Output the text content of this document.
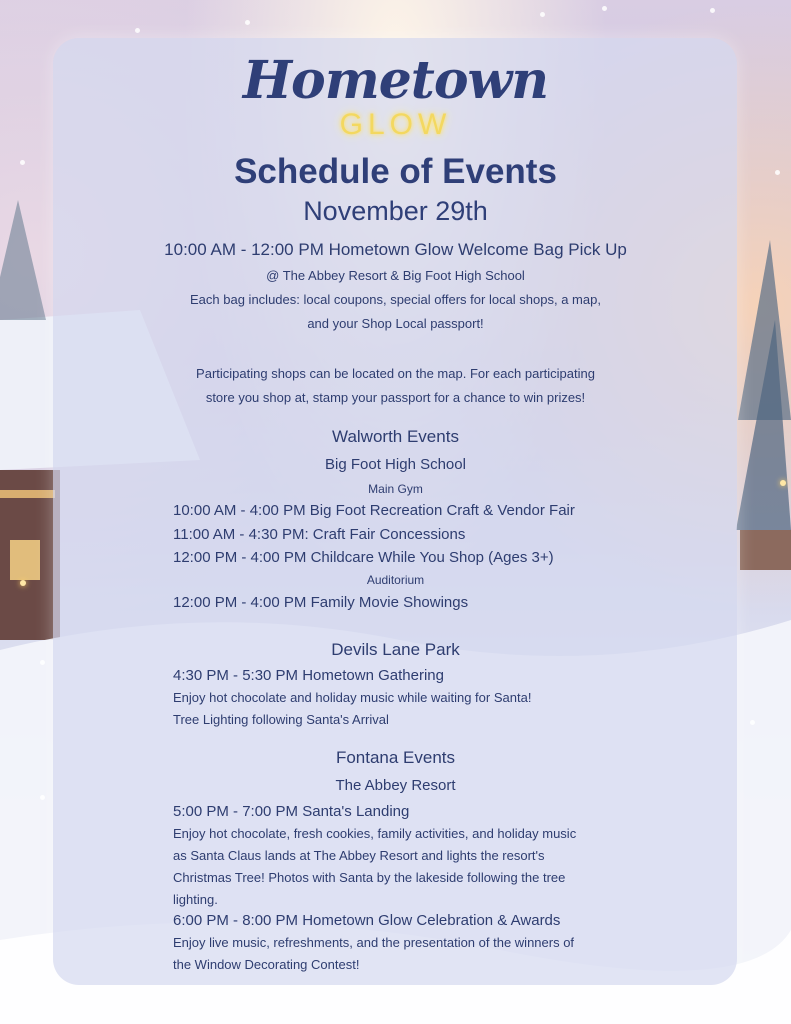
Hometown
GLOW
Schedule of Events
November 29th
10:00 AM - 12:00 PM Hometown Glow Welcome Bag Pick Up
@ The Abbey Resort & Big Foot High School
Each bag includes: local coupons, special offers for local shops, a map,
and your Shop Local passport!
Participating shops can be located on the map. For each participating
store you shop at, stamp your passport for a chance to win prizes!
Walworth Events
Big Foot High School
Main Gym
10:00 AM - 4:00 PM Big Foot Recreation Craft & Vendor Fair
11:00 AM - 4:30 PM: Craft Fair Concessions
12:00 PM - 4:00 PM Childcare While You Shop (Ages 3+)
Auditorium
12:00 PM - 4:00 PM Family Movie Showings
Devils Lane Park
4:30 PM - 5:30 PM Hometown Gathering
Enjoy hot chocolate and holiday music while waiting for Santa!
Tree Lighting following Santa's Arrival
Fontana Events
The Abbey Resort
5:00 PM - 7:00 PM Santa's Landing
Enjoy hot chocolate, fresh cookies, family activities, and holiday music
as Santa Claus lands at The Abbey Resort and lights the resort's
Christmas Tree! Photos with Santa by the lakeside following the tree
lighting.
6:00 PM - 8:00 PM Hometown Glow Celebration & Awards
Enjoy live music, refreshments, and the presentation of the winners of
the Window Decorating Contest!
